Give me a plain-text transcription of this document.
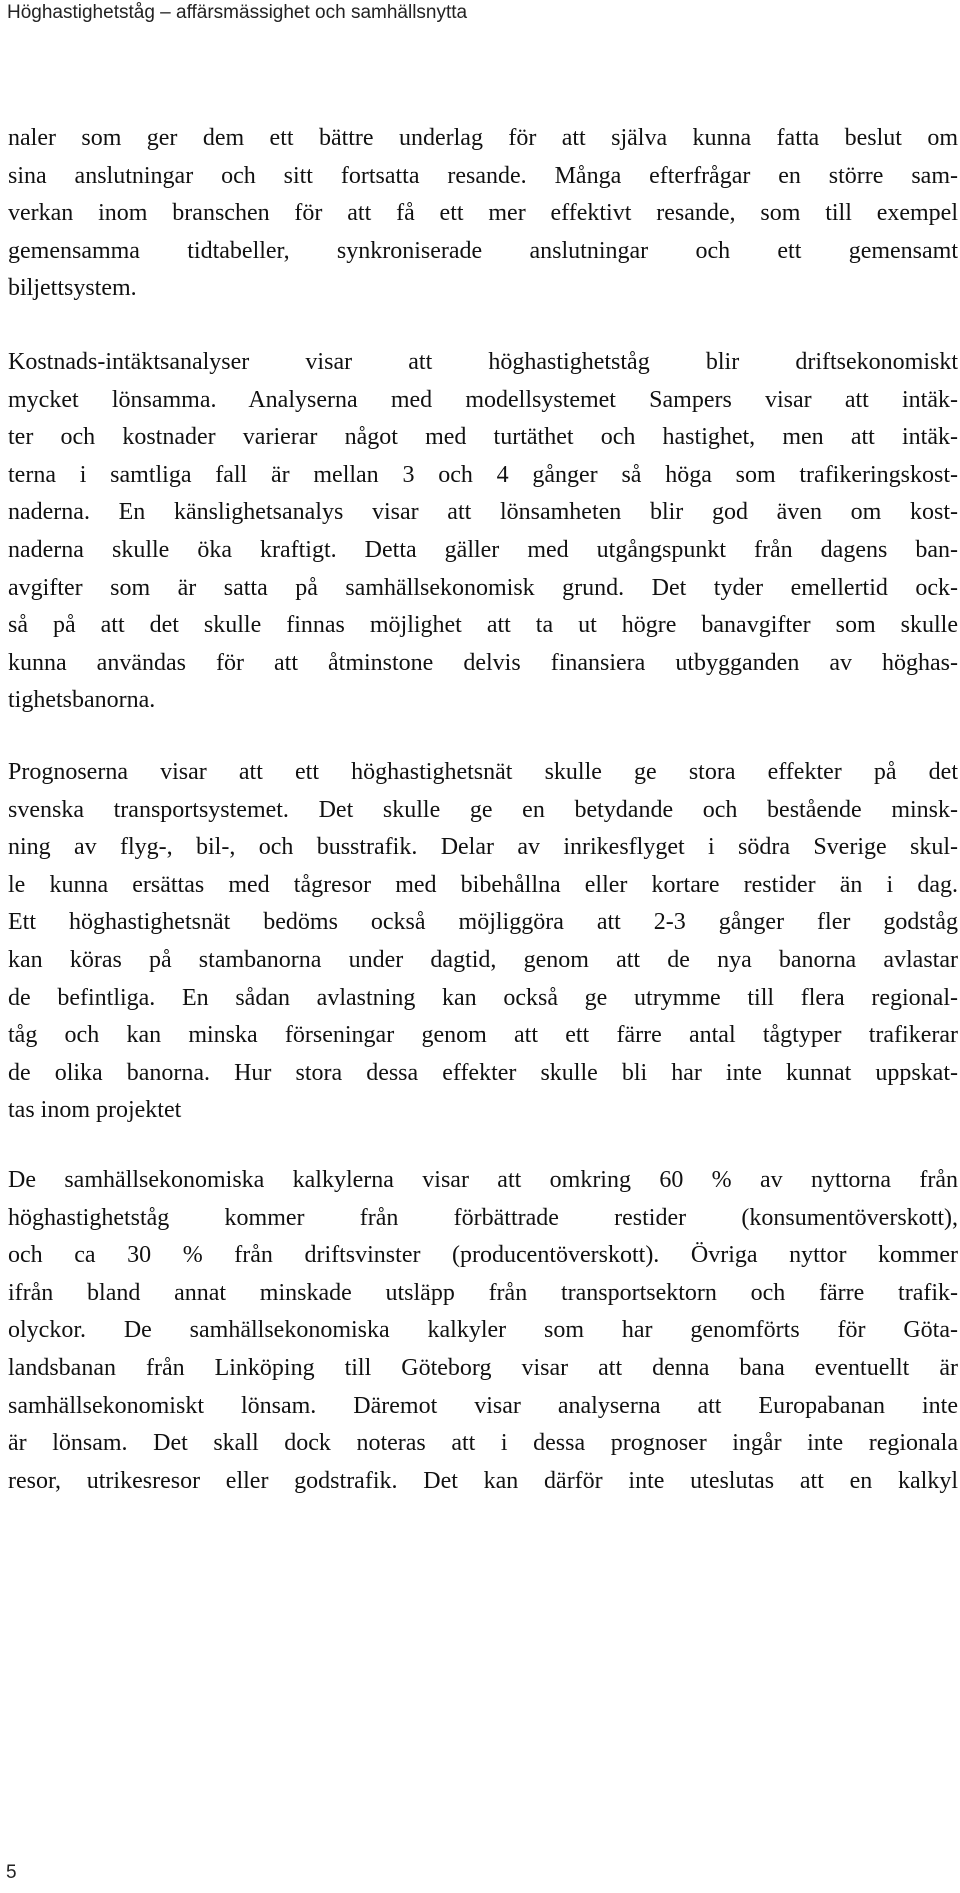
Höghastighetståg – affärsmässighet och samhällsnytta
naler som ger dem ett bättre underlag för att själva kunna fatta beslut om
sina anslutningar och sitt fortsatta resande. Många efterfrågar en större sam-
verkan inom branschen för att få ett mer effektivt resande, som till exempel
gemensamma tidtabeller, synkroniserade anslutningar och ett gemensamt
biljettsystem.
Kostnads-intäktsanalyser visar att höghastighetståg blir driftsekonomiskt
mycket lönsamma. Analyserna med modellsystemet Sampers visar att intäk-
ter och kostnader varierar något med turtäthet och hastighet, men att intäk-
terna i samtliga fall är mellan 3 och 4 gånger så höga som trafikeringskost-
naderna. En känslighetsanalys visar att lönsamheten blir god även om kost-
naderna skulle öka kraftigt. Detta gäller med utgångspunkt från dagens ban-
avgifter som är satta på samhällsekonomisk grund. Det tyder emellertid ock-
så på att det skulle finnas möjlighet att ta ut högre banavgifter som skulle
kunna användas för att åtminstone delvis finansiera utbygganden av höghas-
tighetsbanorna.
Prognoserna visar att ett höghastighetsnät skulle ge stora effekter på det
svenska transportsystemet. Det skulle ge en betydande och bestående minsk-
ning av flyg-, bil-, och busstrafik. Delar av inrikesflyget i södra Sverige skul-
le kunna ersättas med tågresor med bibehållna eller kortare restider än i dag.
Ett höghastighetsnät bedöms också möjliggöra att 2-3 gånger fler godståg
kan köras på stambanorna under dagtid, genom att de nya banorna avlastar
de befintliga. En sådan avlastning kan också ge utrymme till flera regional-
tåg och kan minska förseningar genom att ett färre antal tågtyper trafikerar
de olika banorna. Hur stora dessa effekter skulle bli har inte kunnat uppskat-
tas inom projektet
De samhällsekonomiska kalkylerna visar att omkring 60 % av nyttorna från
höghastighetståg kommer från förbättrade restider (konsumentöverskott),
och ca 30 % från driftsvinster (producentöverskott). Övriga nyttor kommer
ifrån bland annat minskade utsläpp från transportsektorn och färre trafik-
olyckor. De samhällsekonomiska kalkyler som har genomförts för Göta-
landsbanan från Linköping till Göteborg visar att denna bana eventuellt är
samhällsekonomiskt lönsam. Däremot visar analyserna att Europabanan inte
är lönsam. Det skall dock noteras att i dessa prognoser ingår inte regionala
resor, utrikesresor eller godstrafik. Det kan därför inte uteslutas att en kalkyl
5
